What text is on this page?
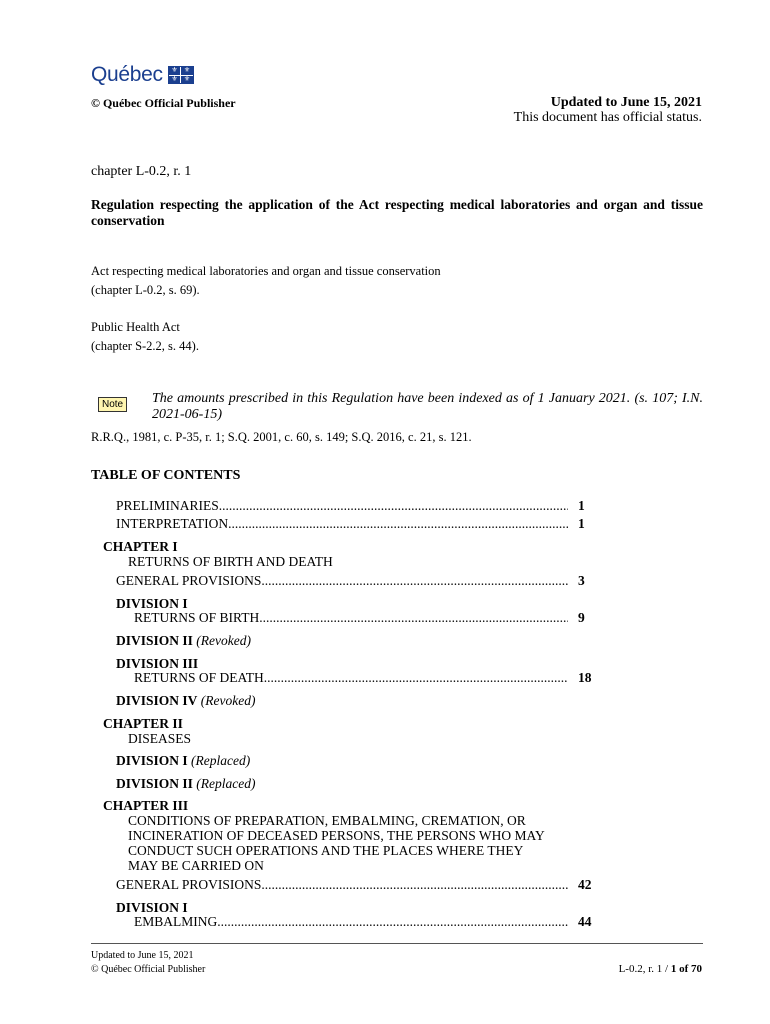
Québec	⚜ ⚜
⚜ ⚜
© Québec Official Publisher	Updated to June 15, 2021
This document has official status.
chapter L-0.2, r. 1
Regulation respecting the application of the Act respecting medical laboratories and organ and tissue conservation
Act respecting medical laboratories and organ and tissue conservation
(chapter L-0.2, s. 69).
Public Health Act
(chapter S-2.2, s. 44).
Note The amounts prescribed in this Regulation have been indexed as of 1 January 2021. (s. 107; I.N. 2021-06-15)
R.R.Q., 1981, c. P-35, r. 1; S.Q. 2001, c. 60, s. 149; S.Q. 2016, c. 21, s. 121.
TABLE OF CONTENTS
PRELIMINARIES .....	1
INTERPRETATION .....	1
CHAPTER I
RETURNS OF BIRTH AND DEATH
GENERAL PROVISIONS .....	3
DIVISION I
RETURNS OF BIRTH .....	9
DIVISION II (Revoked)
DIVISION III
RETURNS OF DEATH .....	18
DIVISION IV (Revoked)
CHAPTER II
DISEASES
DIVISION I (Replaced)
DIVISION II (Replaced)
CHAPTER III
CONDITIONS OF PREPARATION, EMBALMING, CREMATION, OR
INCINERATION OF DECEASED PERSONS, THE PERSONS WHO MAY
CONDUCT SUCH OPERATIONS AND THE PLACES WHERE THEY
MAY BE CARRIED ON
GENERAL PROVISIONS .....	42
DIVISION I
EMBALMING .....	44
Updated to June 15, 2021
© Québec Official Publisher	L-0.2, r. 1 / 1 of 70
